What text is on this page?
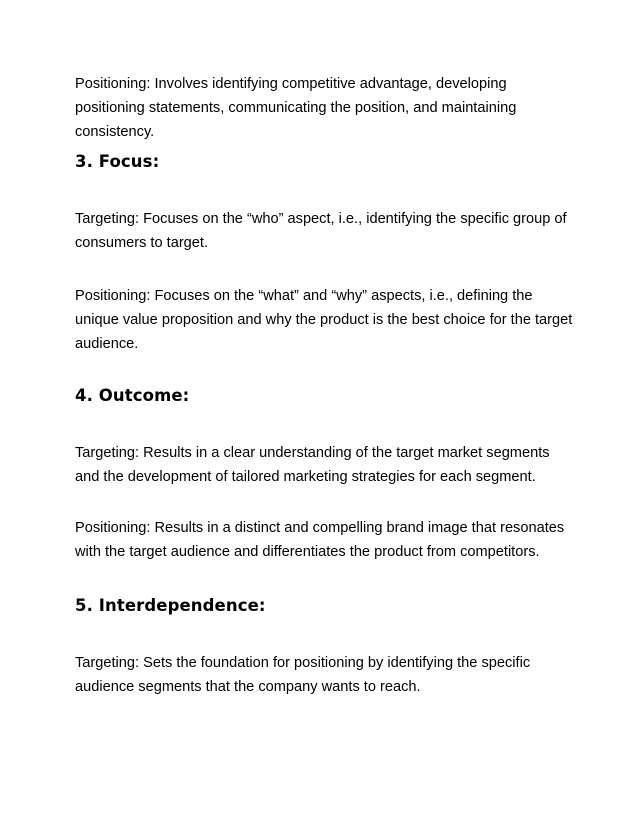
Positioning: Involves identifying competitive advantage, developing positioning statements, communicating the position, and maintaining consistency.

3. Focus:

Targeting: Focuses on the “who” aspect, i.e., identifying the specific group of consumers to target.

Positioning: Focuses on the “what” and “why” aspects, i.e., defining the unique value proposition and why the product is the best choice for the target audience.

4. Outcome:

Targeting: Results in a clear understanding of the target market segments and the development of tailored marketing strategies for each segment.

Positioning: Results in a distinct and compelling brand image that resonates with the target audience and differentiates the product from competitors.

5. Interdependence:

Targeting: Sets the foundation for positioning by identifying the specific audience segments that the company wants to reach.
